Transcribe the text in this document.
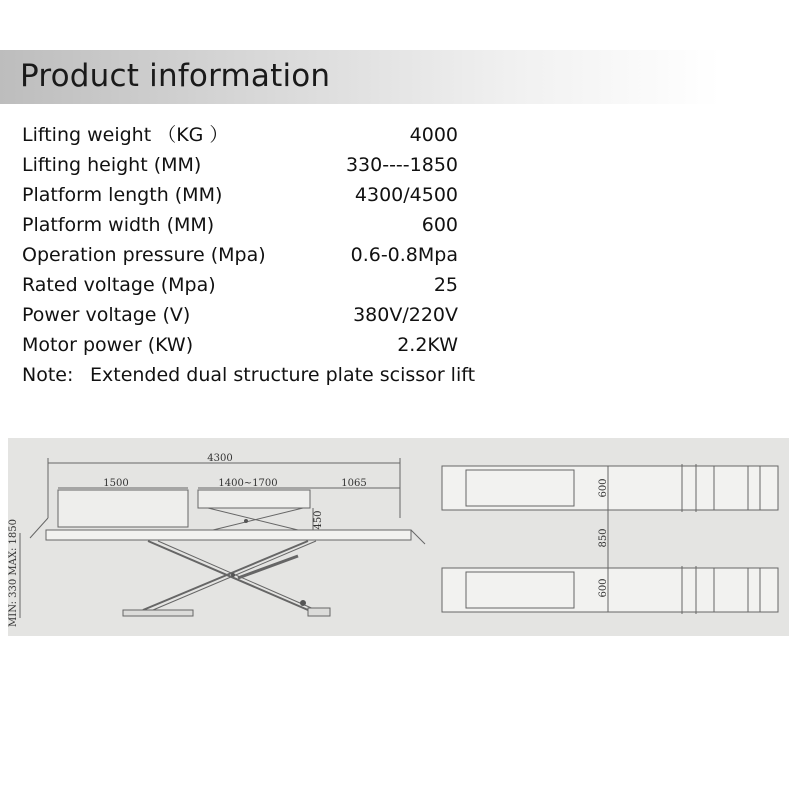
Product information
Lifting weight （KG ）	4000
Lifting height (MM)	330----1850
Platform length (MM)	4300/4500
Platform width (MM)	600
Operation pressure (Mpa)	0.6-0.8Mpa
Rated voltage (Mpa)	25
Power voltage (V)	380V/220V
Motor power (KW)	2.2KW
Note: Extended dual structure plate scissor lift
4300
1500	1400~1700	1065
450
MIN: 330 MAX: 1850
600
850
600
